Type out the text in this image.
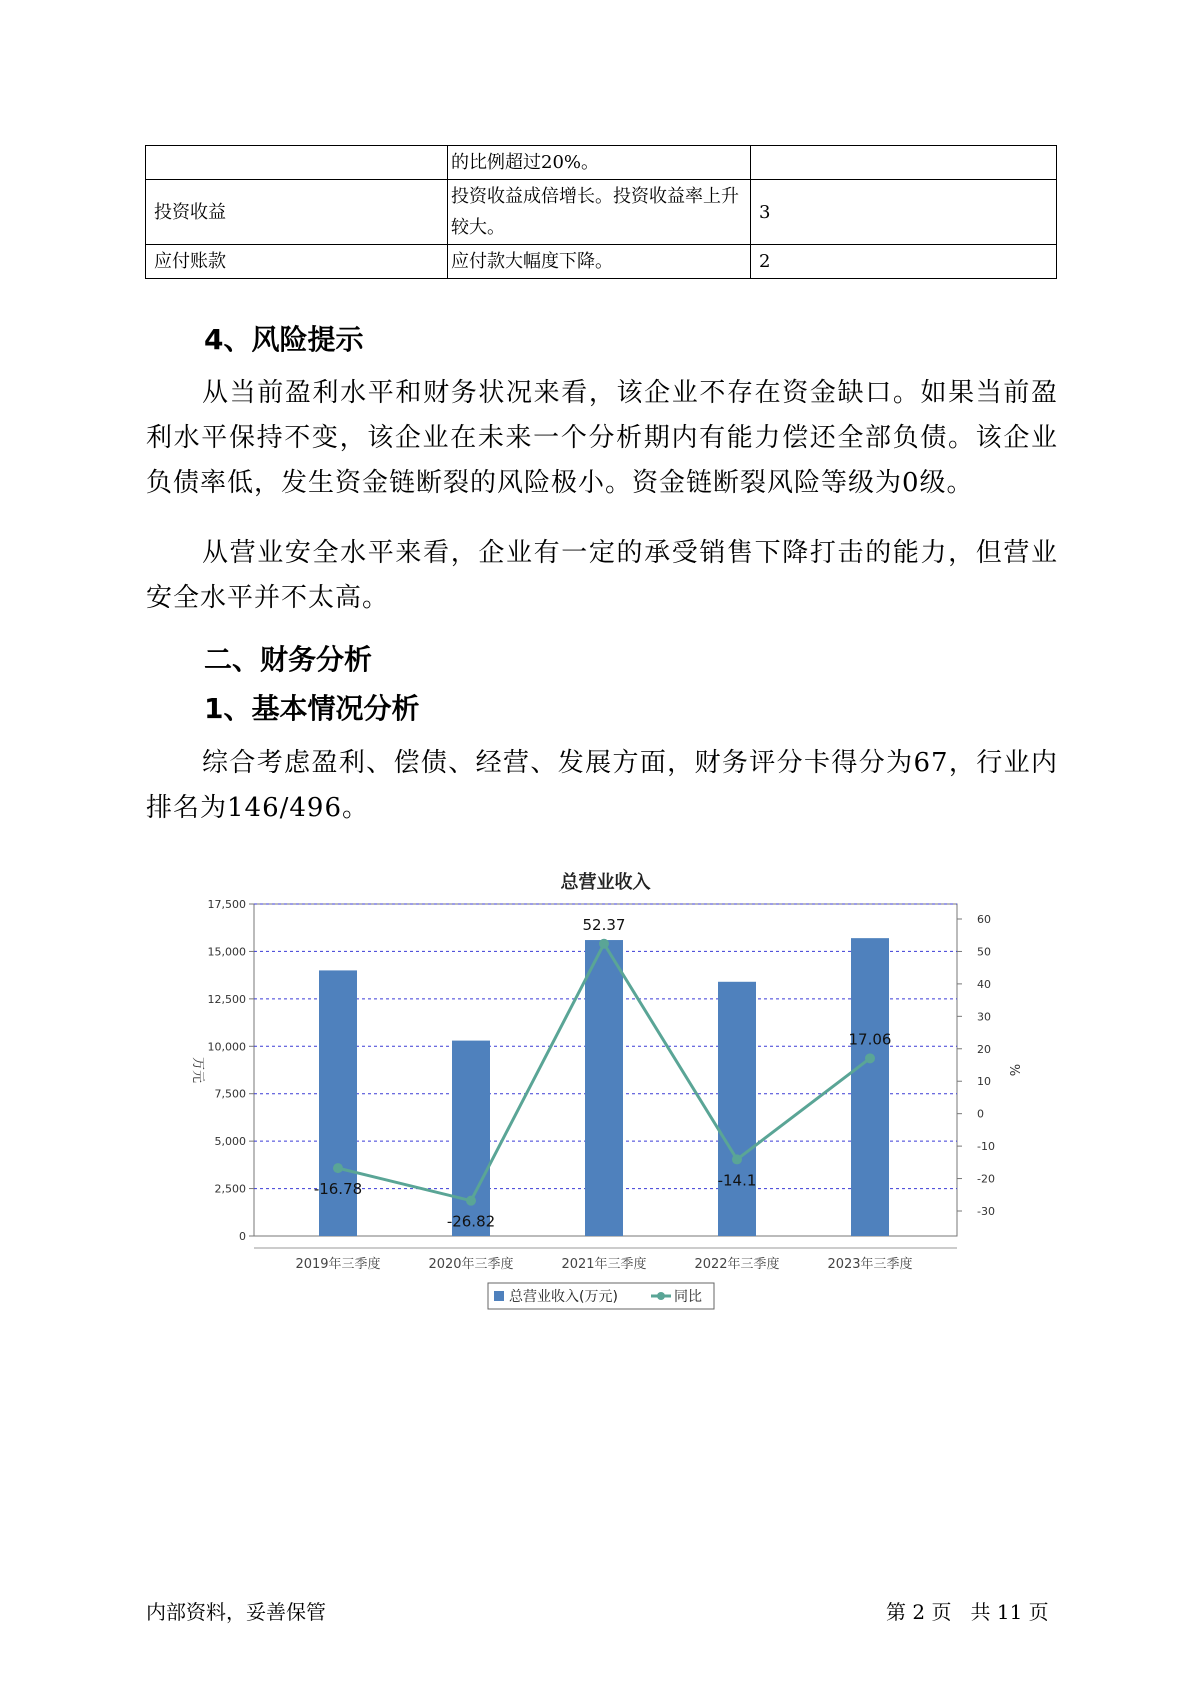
	的比例超过20%。	
投资收益	投资收益成倍增长。投资收益率上升较大。	3
应付账款	应付款大幅度下降。	2
4、风险提示

从当前盈利水平和财务状况来看，该企业不存在资金缺口。如果当前盈利水平保持不变，该企业在未来一个分析期内有能力偿还全部负债。该企业负债率低，发生资金链断裂的风险极小。资金链断裂风险等级为0级。

从营业安全水平来看，企业有一定的承受销售下降打击的能力，但营业安全水平并不太高。

二、财务分析
1、基本情况分析

综合考虑盈利、偿债、经营、发展方面，财务评分卡得分为67，行业内排名为146/496。

总营业收入
0
2,500
5,000
7,500
10,000
12,500
15,000
17,500
-30
-20
-10
0
10
20
30
40
50
60
万元	%
2019年三季度	2020年三季度	2021年三季度	2022年三季度	2023年三季度
-16.78
-26.82
52.37
-14.1
17.06
总营业收入(万元)	同比
内部资料，妥善保管	第 2 页   共 11 页
